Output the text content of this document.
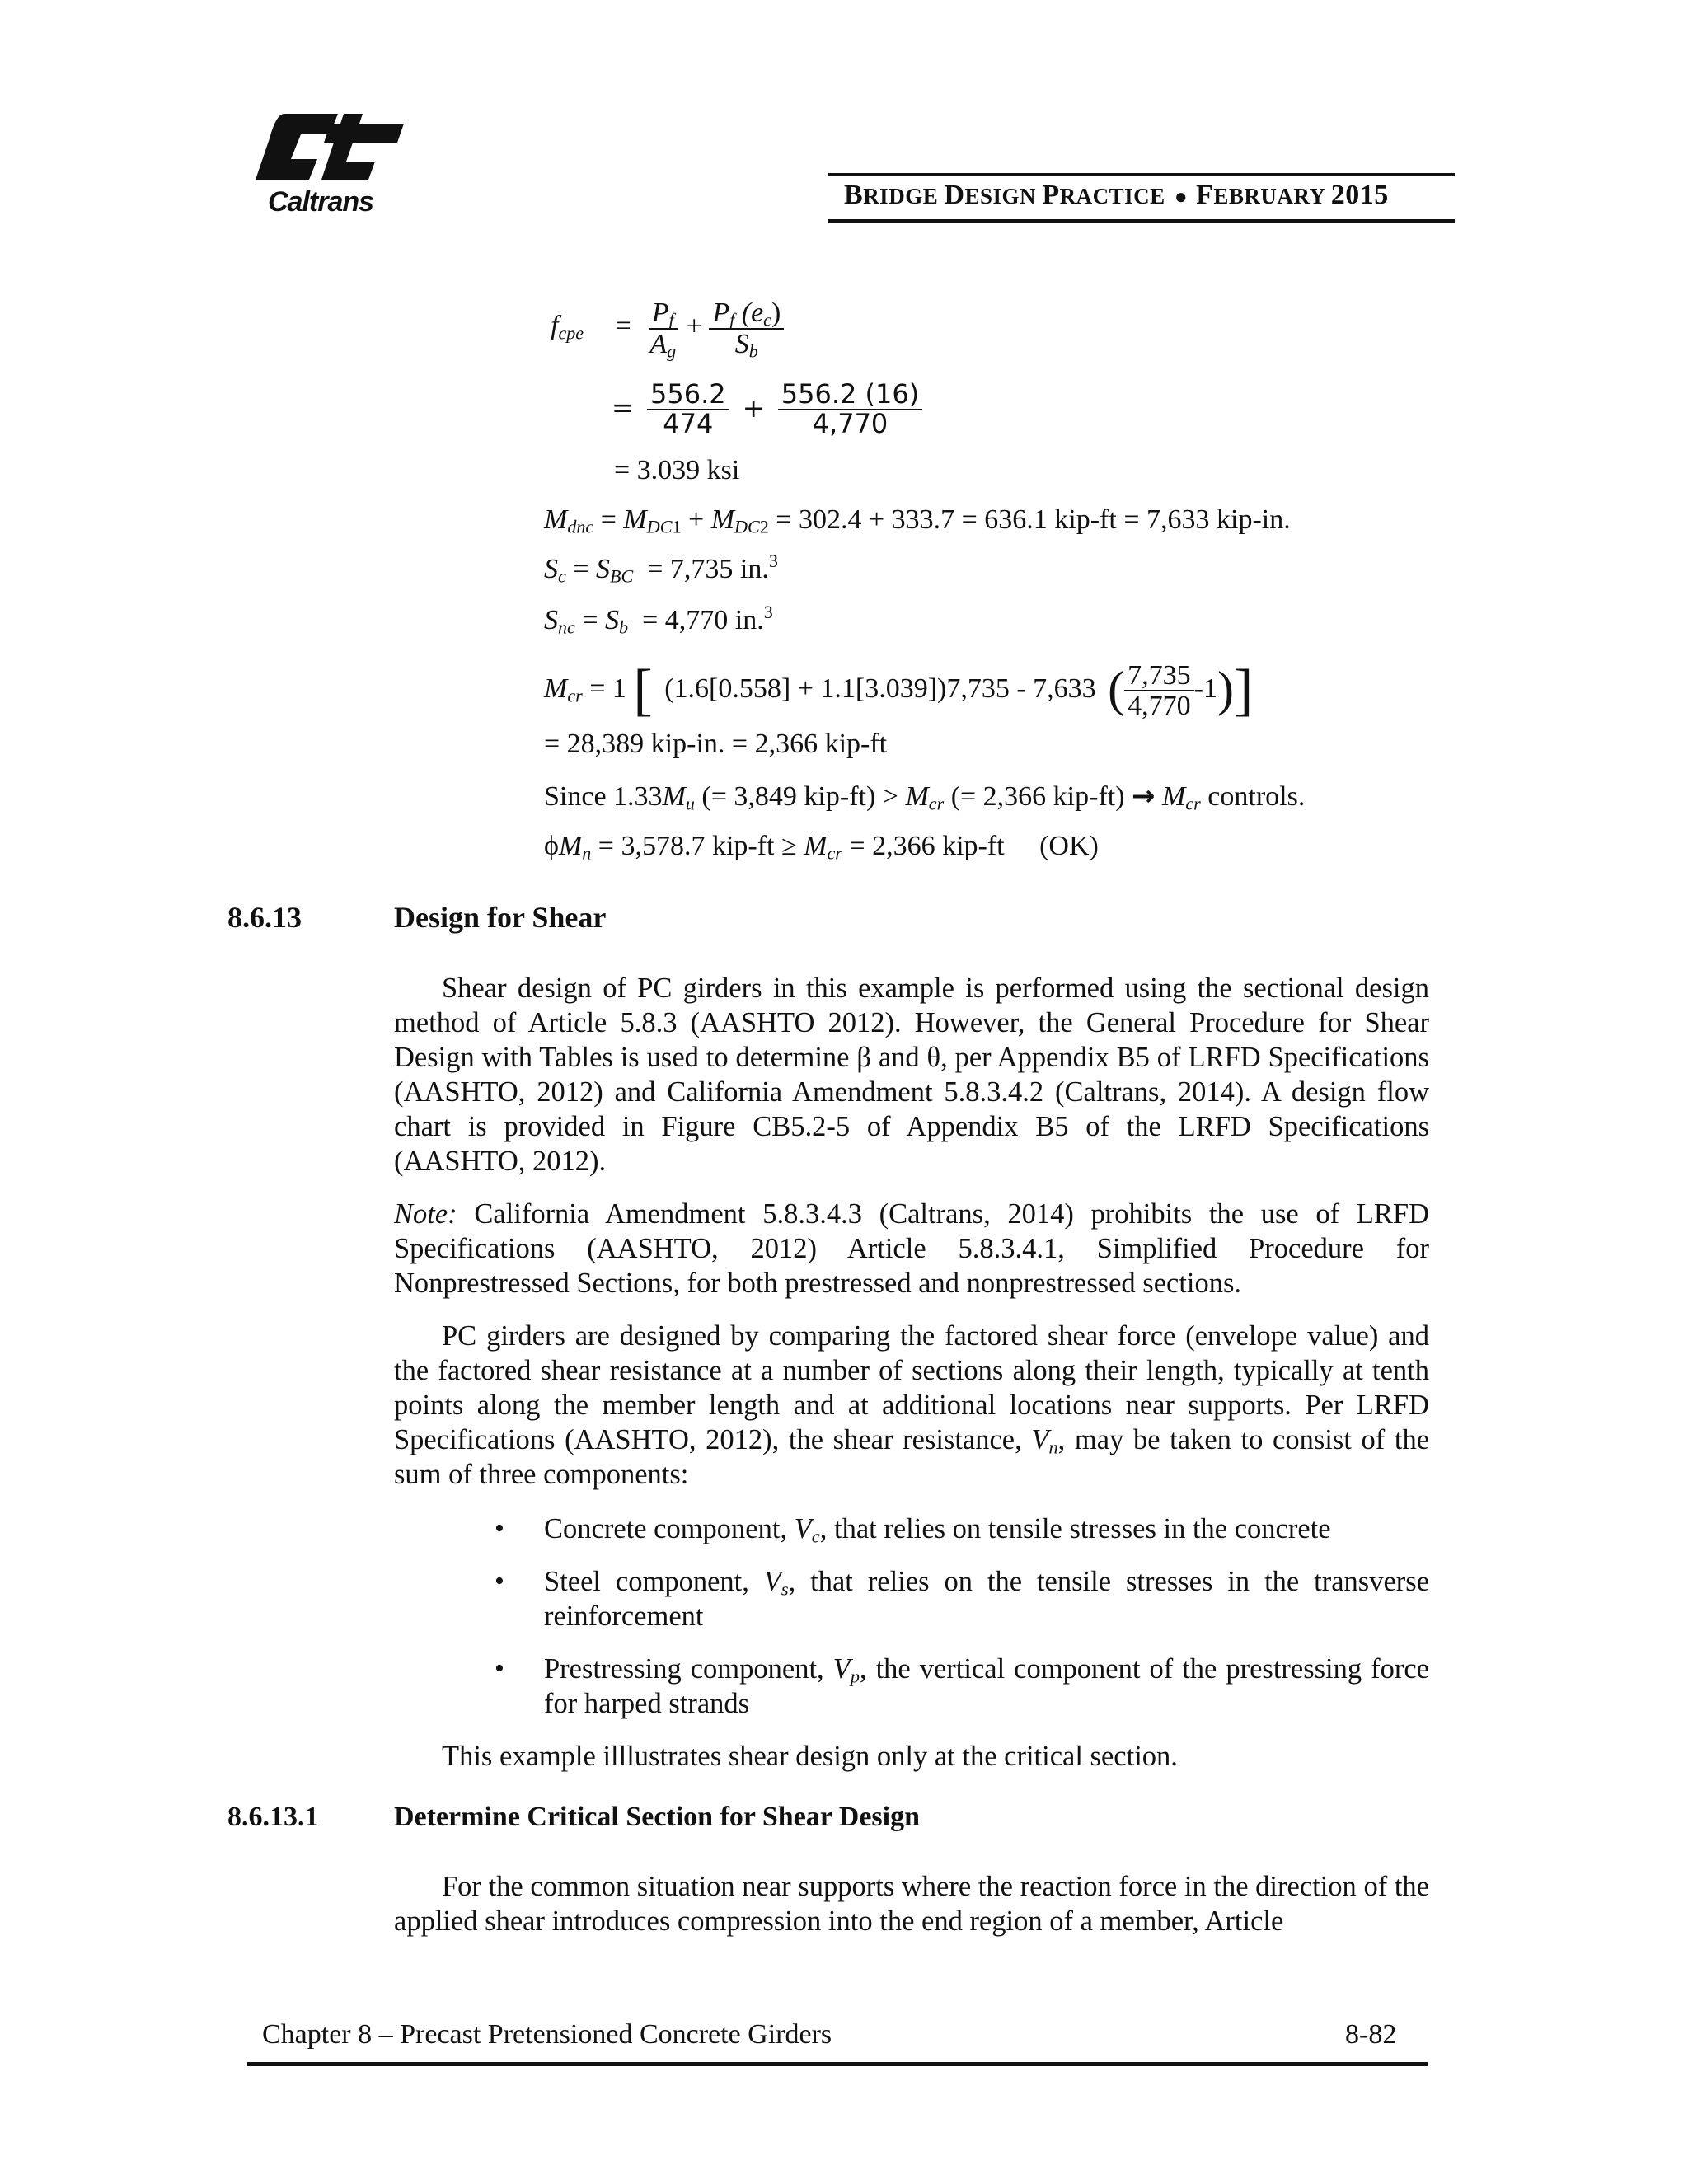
Caltrans	BRIDGE DESIGN PRACTICE ● FEBRUARY 2015
$f_{cpe} = \frac{P_f}{A_g} + \frac{P_f (e_c)}{S_b}$
= $\frac{556.2}{474} + \frac{556.2 (16)}{4,770}$
= 3.039 ksi
$M_{dnc} = M_{DC1} + M_{DC2} = 302.4 + 333.7 = 636.1$ kip-ft = 7,633 kip-in.
$S_c = S_{BC} = 7,735$ in.$^3$
$S_{nc} = S_b = 4,770$ in.$^3$
$M_{cr} = 1$ [ (1.6[0.558] + 1.1[3.039])7,735 - 7,633 ( $\frac{7,735}{4,770} -1$)]
= 28,389 kip-in. = 2,366 kip-ft
Since $1.33M_u$ (= 3,849 $kip-ft) > M_{cr}$ (= 2,366 $kip-ft) \to M_{cr}$ controls.
$\phi M_n = 3,578.7$ $kip-ft \ge M_{cr} = 2,366$ kip-ft     (OK)
8.6.13	Design for Shear
Shear design of PC girders in this example is performed using the sectional design method of Article 5.8.3 (AASHTO 2012). However, the General Procedure for Shear Design with Tables is used to determine β and θ, per Appendix B5 of LRFD Specifications (AASHTO, 2012) and California Amendment 5.8.3.4.2 (Caltrans, 2014). A design flow chart is provided in Figure CB5.2-5 of Appendix B5 of the LRFD Specifications (AASHTO, 2012).
Note: California Amendment 5.8.3.4.3 (Caltrans, 2014) prohibits the use of LRFD Specifications (AASHTO, 2012) Article 5.8.3.4.1, Simplified Procedure for Nonprestressed Sections, for both prestressed and nonprestressed sections.
PC girders are designed by comparing the factored shear force (envelope value) and the factored shear resistance at a number of sections along their length, typically at tenth points along the member length and at additional locations near supports. Per LRFD Specifications (AASHTO, 2012), the shear resistance, $V_n$, may be taken to consist of the sum of three components:
• Concrete component, $V_c$, that relies on tensile stresses in the concrete
• Steel component, $V_s$, that relies on the tensile stresses in the transverse reinforcement
• Prestressing component, $V_p$, the vertical component of the prestressing force for harped strands
This example illlustrates shear design only at the critical section.
8.6.13.1	Determine Critical Section for Shear Design
For the common situation near supports where the reaction force in the direction of the applied shear introduces compression into the end region of a member, Article
Chapter 8 – Precast Pretensioned Concrete Girders	8-82
